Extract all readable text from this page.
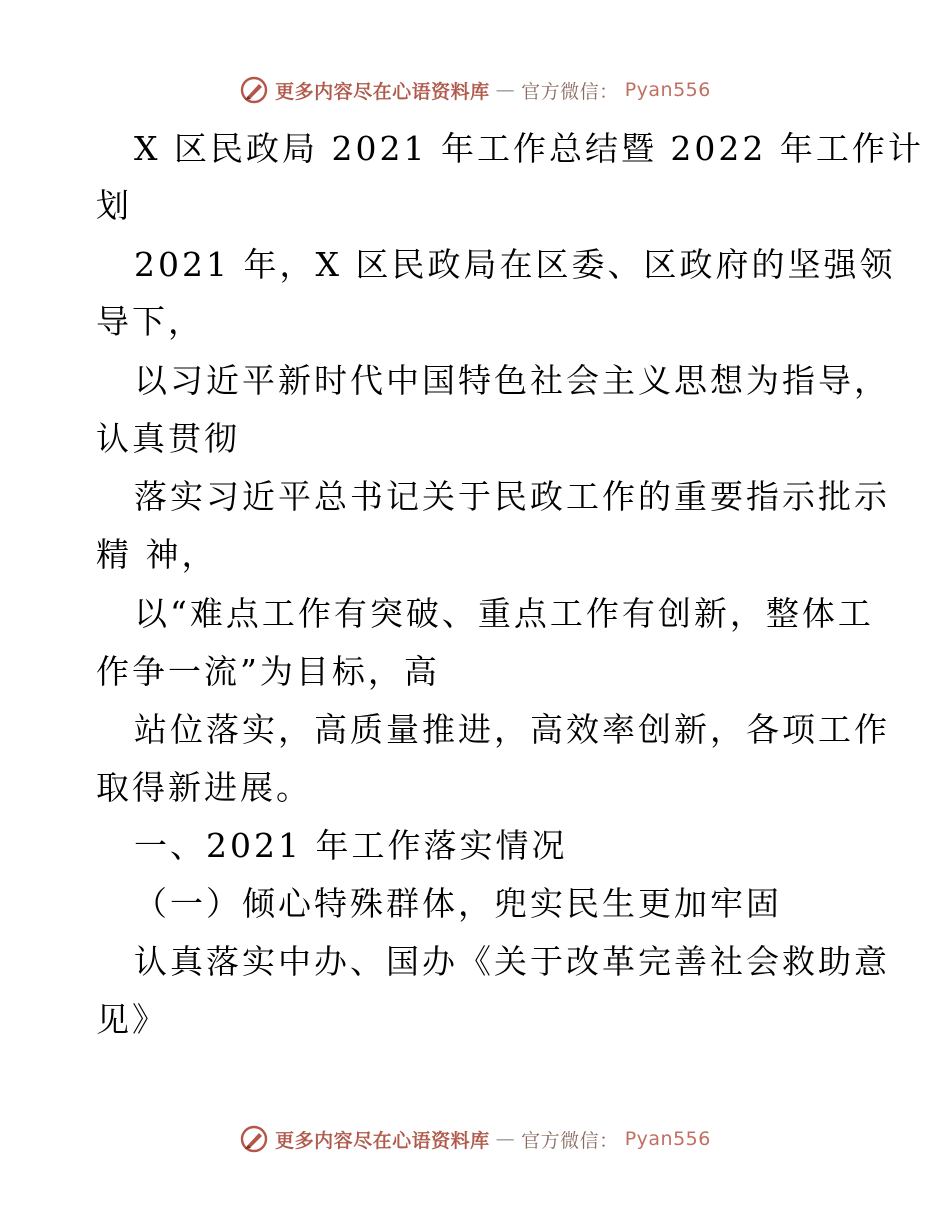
更多内容尽在心语资料库 — 官方微信： Pyan556
X 区民政局 2021 年工作总结暨 2022 年工作计
划
2021 年，X 区民政局在区委、区政府的坚强领
导下，
以习近平新时代中国特色社会主义思想为指导，
认真贯彻
落实习近平总书记关于民政工作的重要指示批示
精 神，
以“难点工作有突破、重点工作有创新，整体工
作争一流”为目标，高
站位落实，高质量推进，高效率创新，各项工作
取得新进展。
一、2021 年工作落实情况
（一）倾心特殊群体，兜实民生更加牢固
认真落实中办、国办《关于改革完善社会救助意
见》
更多内容尽在心语资料库 — 官方微信： Pyan556
